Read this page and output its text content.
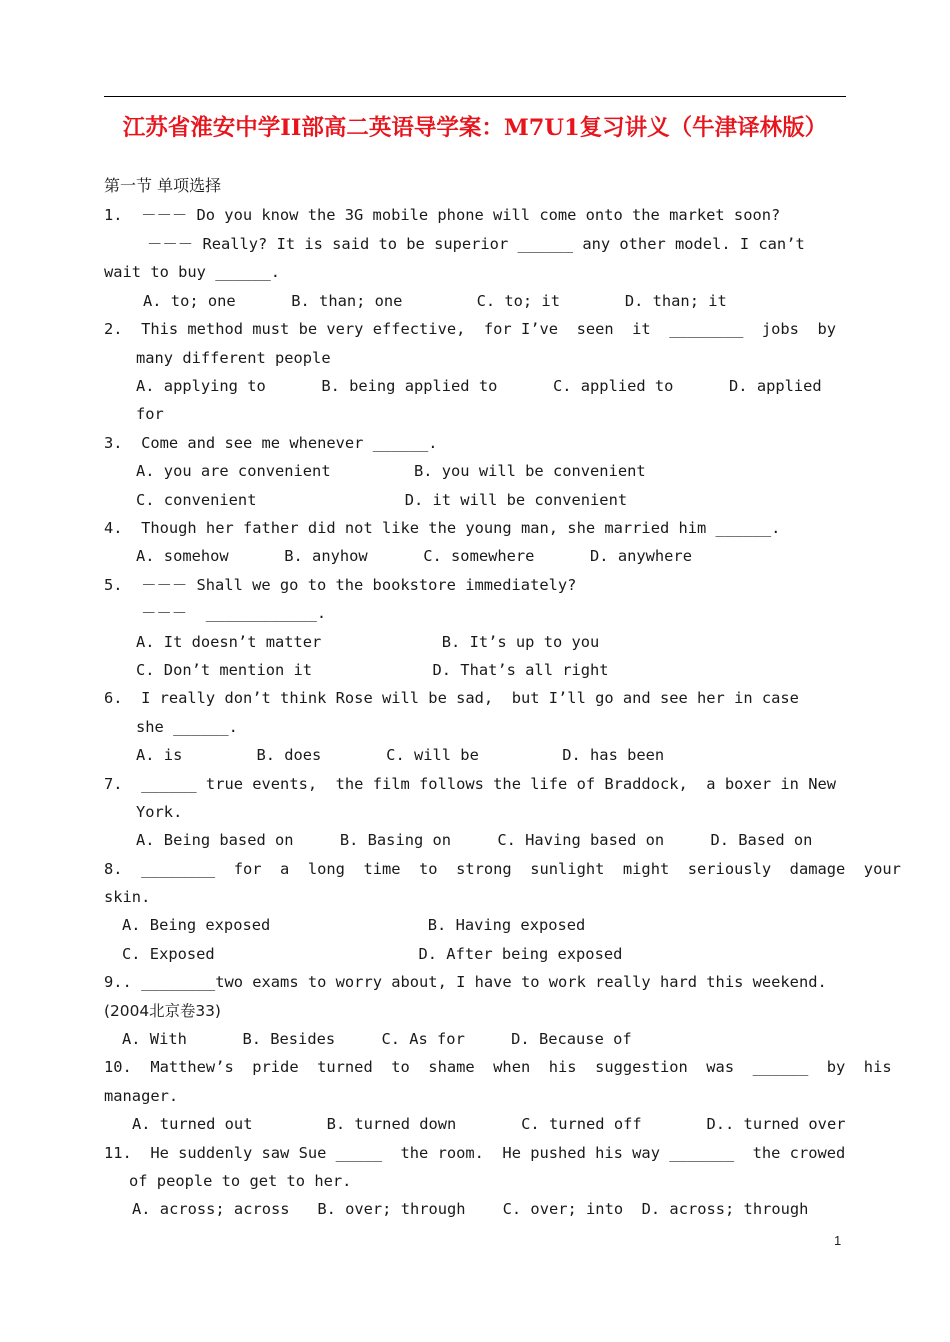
江苏省淮安中学II部高二英语导学案：M7U1复习讲义（牛津译林版）
第一节 单项选择
1.  －－－ Do you know the 3G mobile phone will come onto the market soon?
－－－ Really? It is said to be superior ______ any other model. I can’t
wait to buy ______.
A. to; one      B. than; one        C. to; it       D. than; it
2.  This method must be very effective,  for I’ve  seen  it  ________  jobs  by
many different people
A. applying to      B. being applied to      C. applied to      D. applied
for
3.  Come and see me whenever ______.
A. you are convenient         B. you will be convenient
C. convenient                D. it will be convenient
4.  Though her father did not like the young man, she married him ______.
A. somehow      B. anyhow      C. somewhere      D. anywhere
5.  －－－ Shall we go to the bookstore immediately?
－－－  ____________.
A. It doesn’t matter             B. It’s up to you
C. Don’t mention it             D. That’s all right
6.  I really don’t think Rose will be sad,  but I’ll go and see her in case
she ______.
A. is        B. does       C. will be         D. has been
7.  ______ true events,  the film follows the life of Braddock,  a boxer in New
York.
A. Being based on     B. Basing on     C. Having based on     D. Based on
8.  ________  for  a  long  time  to  strong  sunlight  might  seriously  damage  your
skin.
A. Being exposed                 B. Having exposed
C. Exposed                      D. After being exposed
9.. ________two exams to worry about, I have to work really hard this weekend.
(2004北京卷33)
A. With      B. Besides     C. As for     D. Because of
10.  Matthew’s  pride  turned  to  shame  when  his  suggestion  was  ______  by  his
manager.
A. turned out        B. turned down       C. turned off       D.. turned over
11.  He suddenly saw Sue _____  the room.  He pushed his way _______  the crowed
of people to get to her.
A. across; across   B. over; through    C. over; into  D. across; through
1
